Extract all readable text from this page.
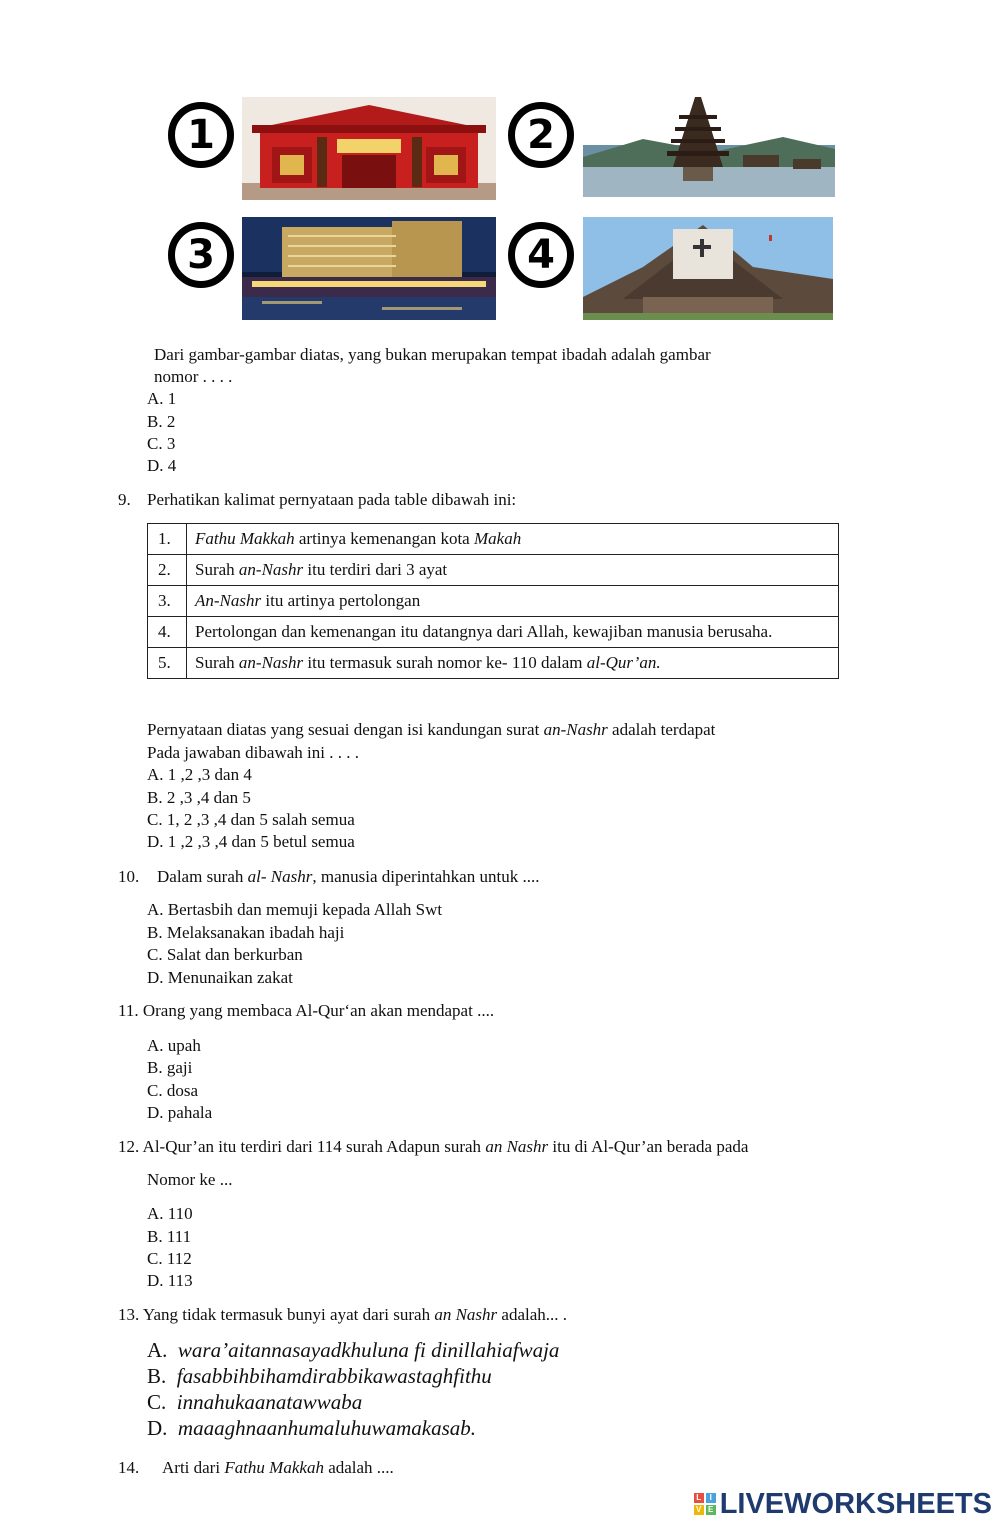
1	2
3	4
Dari gambar-gambar diatas, yang bukan merupakan tempat ibadah adalah gambar
nomor . . . .
A. 1
B. 2
C. 3
D. 4
9. Perhatikan kalimat pernyataan pada table dibawah ini:
1.	Fathu Makkah artinya kemenangan kota Makah
2.	Surah an-Nashr itu terdiri dari 3 ayat
3.	An-Nashr itu artinya pertolongan
4.	Pertolongan dan kemenangan itu datangnya dari Allah, kewajiban manusia berusaha.
5.	Surah an-Nashr itu termasuk surah nomor ke- 110 dalam al-Qur’an.
Pernyataan diatas yang sesuai dengan isi kandungan surat an-Nashr adalah terdapat
Pada jawaban dibawah ini . . . .
A. 1 ,2 ,3 dan 4
B. 2 ,3 ,4 dan 5
C. 1, 2 ,3 ,4 dan 5 salah semua
D. 1 ,2 ,3 ,4 dan 5 betul semua
10. Dalam surah al- Nashr, manusia diperintahkan untuk ....
A. Bertasbih dan memuji kepada Allah Swt
B. Melaksanakan ibadah haji
C. Salat dan berkurban
D. Menunaikan zakat
11. Orang yang membaca Al-Qur‘an akan mendapat ....
A. upah
B. gaji
C. dosa
D. pahala
12. Al-Qur’an itu terdiri dari 114 surah Adapun surah an Nashr itu di Al-Qur’an berada pada
Nomor ke ...
A. 110
B. 111
C. 112
D. 113
13. Yang tidak termasuk bunyi ayat dari surah an Nashr adalah... .
A. wara’aitannasayadkhuluna fi dinillahiafwaja
B. fasabbihbihamdirabbikawastaghfithu
C. innahukaanatawwaba
D. maaaghnaanhumaluhuwamakasab.
14. Arti dari Fathu Makkah adalah ....
L	I
V E LIVEWORKSHEETS
